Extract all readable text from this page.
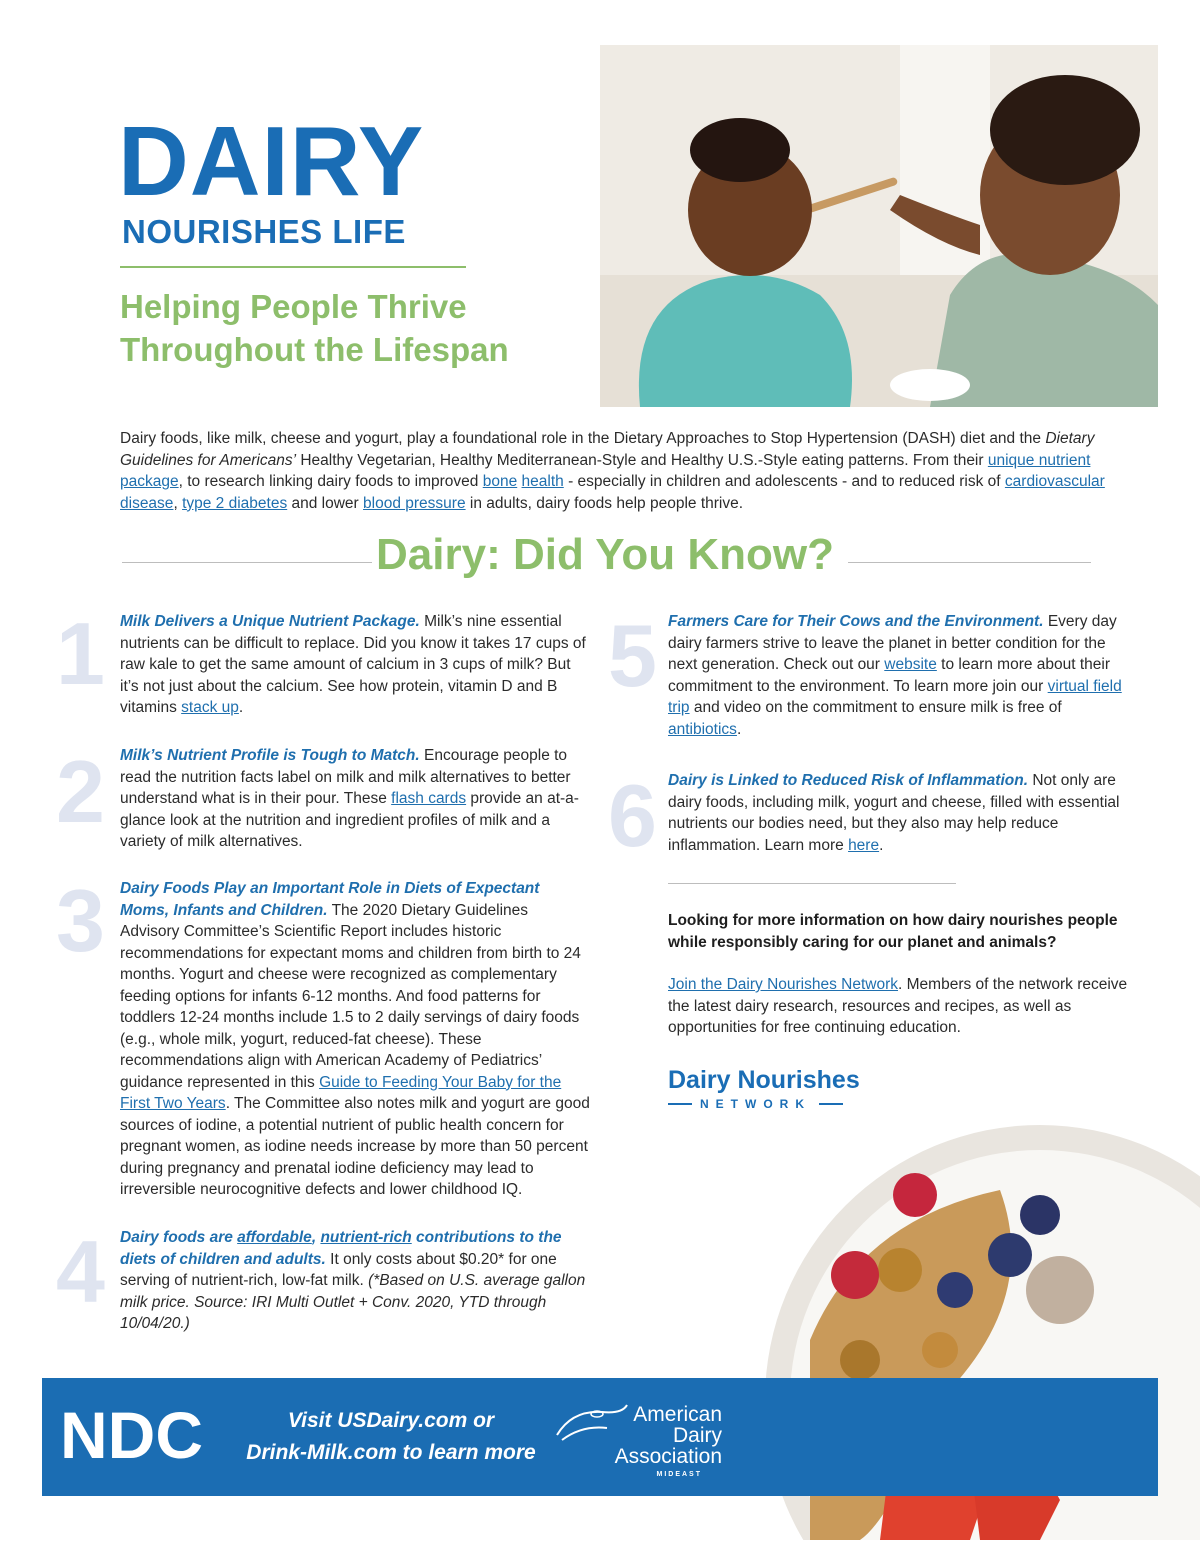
DAIRY
NOURISHES LIFE
Helping People Thrive
Throughout the Lifespan
Dairy foods, like milk, cheese and yogurt, play a foundational role in the Dietary Approaches to Stop Hypertension (DASH) diet and the Dietary Guidelines for Americans’ Healthy Vegetarian, Healthy Mediterranean-Style and Healthy U.S.-Style eating patterns. From their unique nutrient package, to research linking dairy foods to improved bone health - especially in children and adolescents - and to reduced risk of cardiovascular disease, type 2 diabetes and lower blood pressure in adults, dairy foods help people thrive.
Dairy: Did You Know?
1 Milk Delivers a Unique Nutrient Package. Milk’s nine essential nutrients can be difficult to replace. Did you know it takes 17 cups of raw kale to get the same amount of calcium in 3 cups of milk? But it’s not just about the calcium. See how protein, vitamin D and B vitamins stack up.
2 Milk’s Nutrient Profile is Tough to Match. Encourage people to read the nutrition facts label on milk and milk alternatives to better understand what is in their pour. These flash cards provide an at-a-glance look at the nutrition and ingredient profiles of milk and a variety of milk alternatives.
3 Dairy Foods Play an Important Role in Diets of Expectant Moms, Infants and Children. The 2020 Dietary Guidelines Advisory Committee’s Scientific Report includes historic recommendations for expectant moms and children from birth to 24 months. Yogurt and cheese were recognized as complementary feeding options for infants 6-12 months. And food patterns for toddlers 12-24 months include 1.5 to 2 daily servings of dairy foods (e.g., whole milk, yogurt, reduced-fat cheese). These recommendations align with American Academy of Pediatrics’ guidance represented in this Guide to Feeding Your Baby for the First Two Years. The Committee also notes milk and yogurt are good sources of iodine, a potential nutrient of public health concern for pregnant women, as iodine needs increase by more than 50 percent during pregnancy and prenatal iodine deficiency may lead to irreversible neurocognitive defects and lower childhood IQ.
4 Dairy foods are affordable, nutrient-rich contributions to the diets of children and adults. It only costs about $0.20* for one serving of nutrient-rich, low-fat milk. (*Based on U.S. average gallon milk price. Source: IRI Multi Outlet + Conv. 2020, YTD through 10/04/20.)
5 Farmers Care for Their Cows and the Environment. Every day dairy farmers strive to leave the planet in better condition for the next generation. Check out our website to learn more about their commitment to the environment. To learn more join our virtual field trip and video on the commitment to ensure milk is free of antibiotics.
6 Dairy is Linked to Reduced Risk of Inflammation. Not only are dairy foods, including milk, yogurt and cheese, filled with essential nutrients our bodies need, but they also may help reduce inflammation. Learn more here.
Looking for more information on how dairy nourishes people while responsibly caring for our planet and animals?
Join the Dairy Nourishes Network. Members of the network receive the latest dairy research, resources and recipes, as well as opportunities for free continuing education.
Dairy Nourishes
NETWORK
NDC	Visit USDairy.com or
Drink-Milk.com to learn more
American
Dairy
Association
MIDEAST
